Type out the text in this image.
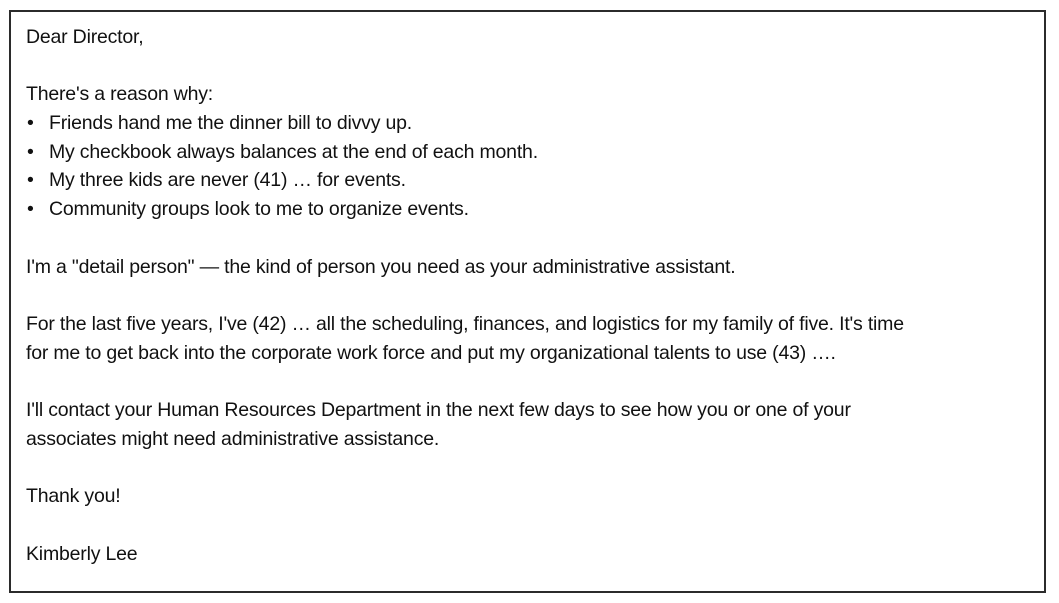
Dear Director,
There's a reason why:
• Friends hand me the dinner bill to divvy up.
• My checkbook always balances at the end of each month.
• My three kids are never (41) … for events.
• Community groups look to me to organize events.
I'm a "detail person" — the kind of person you need as your administrative assistant.
For the last five years, I've (42) … all the scheduling, finances, and logistics for my family of five. It's time
for me to get back into the corporate work force and put my organizational talents to use (43) ….
I'll contact your Human Resources Department in the next few days to see how you or one of your
associates might need administrative assistance.
Thank you!
Kimberly Lee
